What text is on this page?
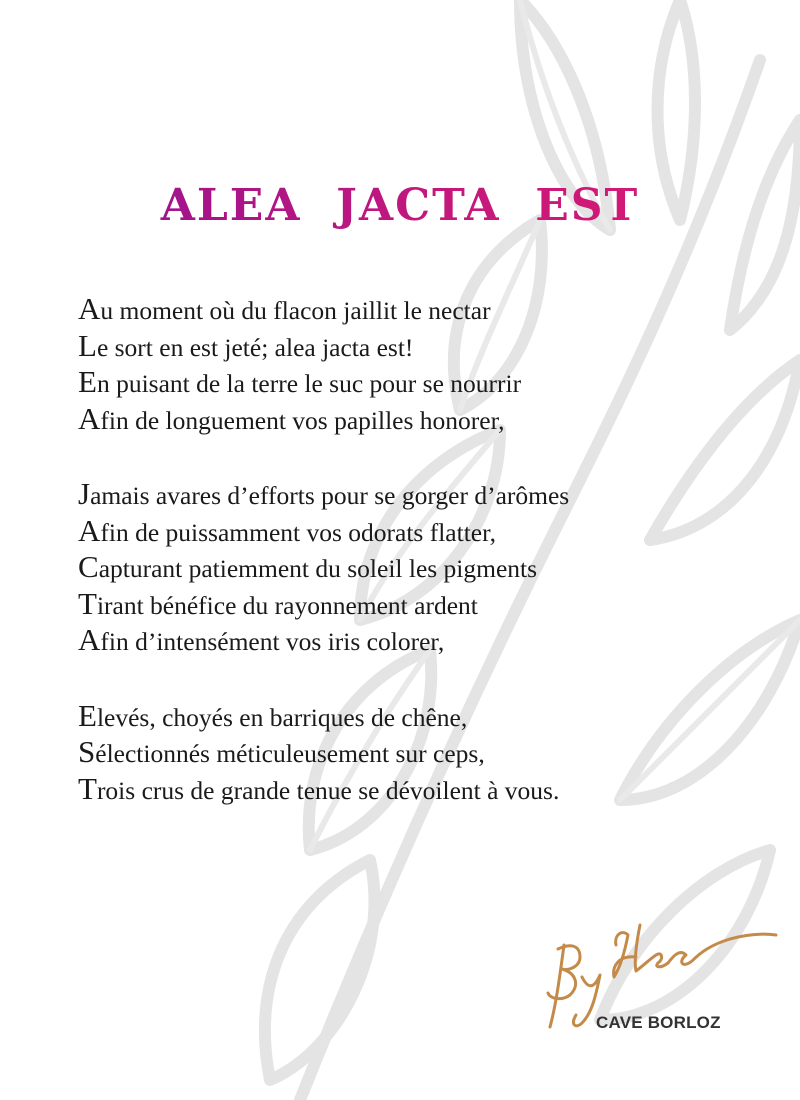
ALEA  JACTA  EST
Au moment où du flacon jaillit le nectar
Le sort en est jeté; alea jacta est!
En puisant de la terre le suc pour se nourrir
Afin de longuement vos papilles honorer,
Jamais avares d’efforts pour se gorger d’arômes
Afin de puissamment vos odorats flatter,
Capturant patiemment du soleil les pigments
Tirant bénéfice du rayonnement ardent
Afin d’intensément vos iris colorer,
Elevés, choyés en barriques de chêne,
Sélectionnés méticuleusement sur ceps,
Trois crus de grande tenue se dévoilent à vous.
CAVE BORLOZ
